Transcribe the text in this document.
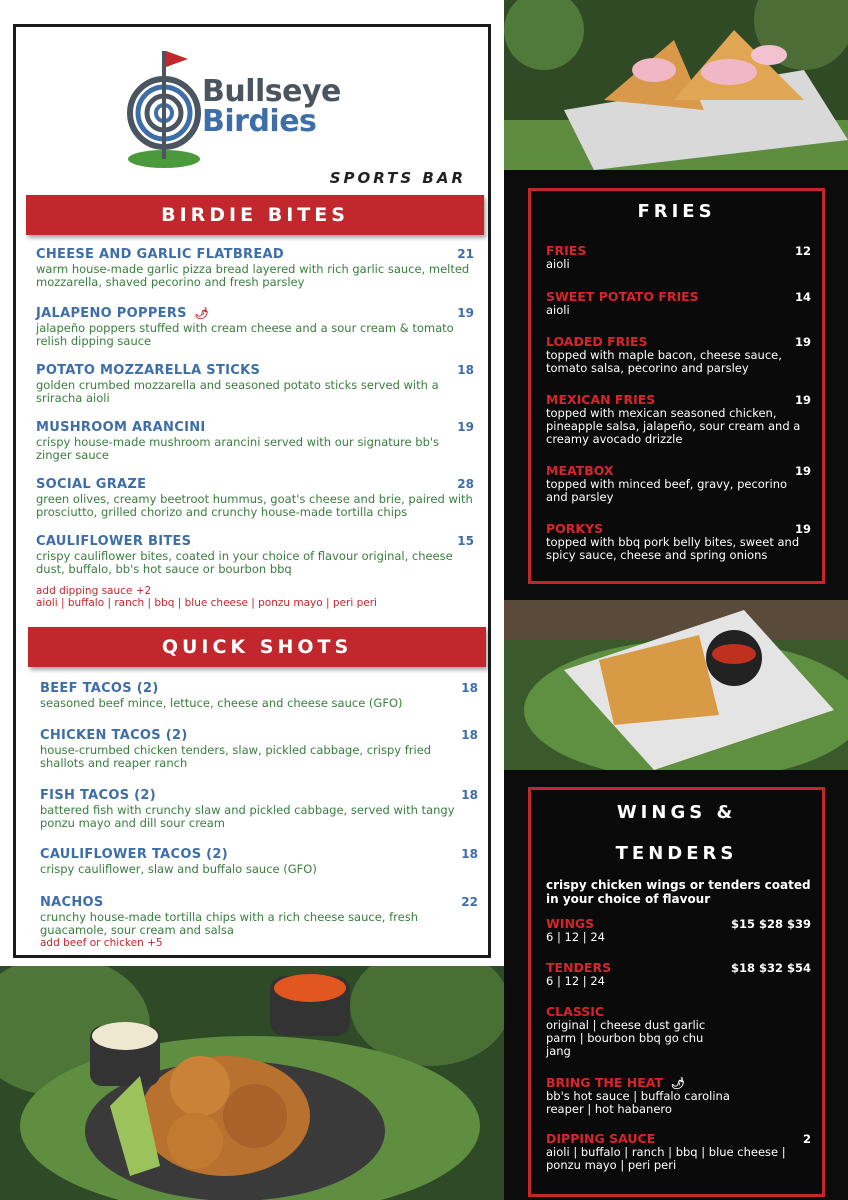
Bullseye
Birdies
SPORTS BAR
BIRDIE BITES
CHEESE AND GARLIC FLATBREAD	21
warm house-made garlic pizza bread layered with rich garlic sauce, melted mozzarella, shaved pecorino and fresh parsley
JALAPENO POPPERS 🌶	19
jalapeño poppers stuffed with cream cheese and a sour cream & tomato relish dipping sauce
POTATO MOZZARELLA STICKS	18
golden crumbed mozzarella and seasoned potato sticks served with a sriracha aioli
MUSHROOM ARANCINI	19
crispy house-made mushroom arancini served with our signature bb's zinger sauce
SOCIAL GRAZE	28
green olives, creamy beetroot hummus, goat's cheese and brie, paired with prosciutto, grilled chorizo and crunchy house-made tortilla chips
CAULIFLOWER BITES	15
crispy cauliflower bites, coated in your choice of flavour original, cheese dust, buffalo, bb's hot sauce or bourbon bbq
add dipping sauce +2
aioli | buffalo | ranch | bbq | blue cheese | ponzu mayo | peri peri
QUICK SHOTS
BEEF TACOS (2)	18
seasoned beef mince, lettuce, cheese and cheese sauce (GFO)
CHICKEN TACOS (2)	18
house-crumbed chicken tenders, slaw, pickled cabbage, crispy fried shallots and reaper ranch
FISH TACOS (2)	18
battered fish with crunchy slaw and pickled cabbage, served with tangy ponzu mayo and dill sour cream
CAULIFLOWER TACOS (2)	18
crispy cauliflower, slaw and buffalo sauce (GFO)
NACHOS	22
crunchy house-made tortilla chips with a rich cheese sauce, fresh guacamole, sour cream and salsa
add beef or chicken +5
FRIES
FRIES	12
aioli
SWEET POTATO FRIES	14
aioli
LOADED FRIES	19
topped with maple bacon, cheese sauce, tomato salsa, pecorino and parsley
MEXICAN FRIES	19
topped with mexican seasoned chicken, pineapple salsa, jalapeño, sour cream and a creamy avocado drizzle
MEATBOX	19
topped with minced beef, gravy, pecorino and parsley
PORKYS	19
topped with bbq pork belly bites, sweet and spicy sauce, cheese and spring onions
WINGS &
TENDERS
crispy chicken wings or tenders coated in your choice of flavour
WINGS	$15 $28 $39
6 | 12 | 24
TENDERS	$18 $32 $54
6 | 12 | 24
CLASSIC
original | cheese dust garlic parm | bourbon bbq go chu jang
BRING THE HEAT 🌶
bb's hot sauce | buffalo carolina reaper | hot habanero
DIPPING SAUCE	2
aioli | buffalo | ranch | bbq | blue cheese | ponzu mayo | peri peri
